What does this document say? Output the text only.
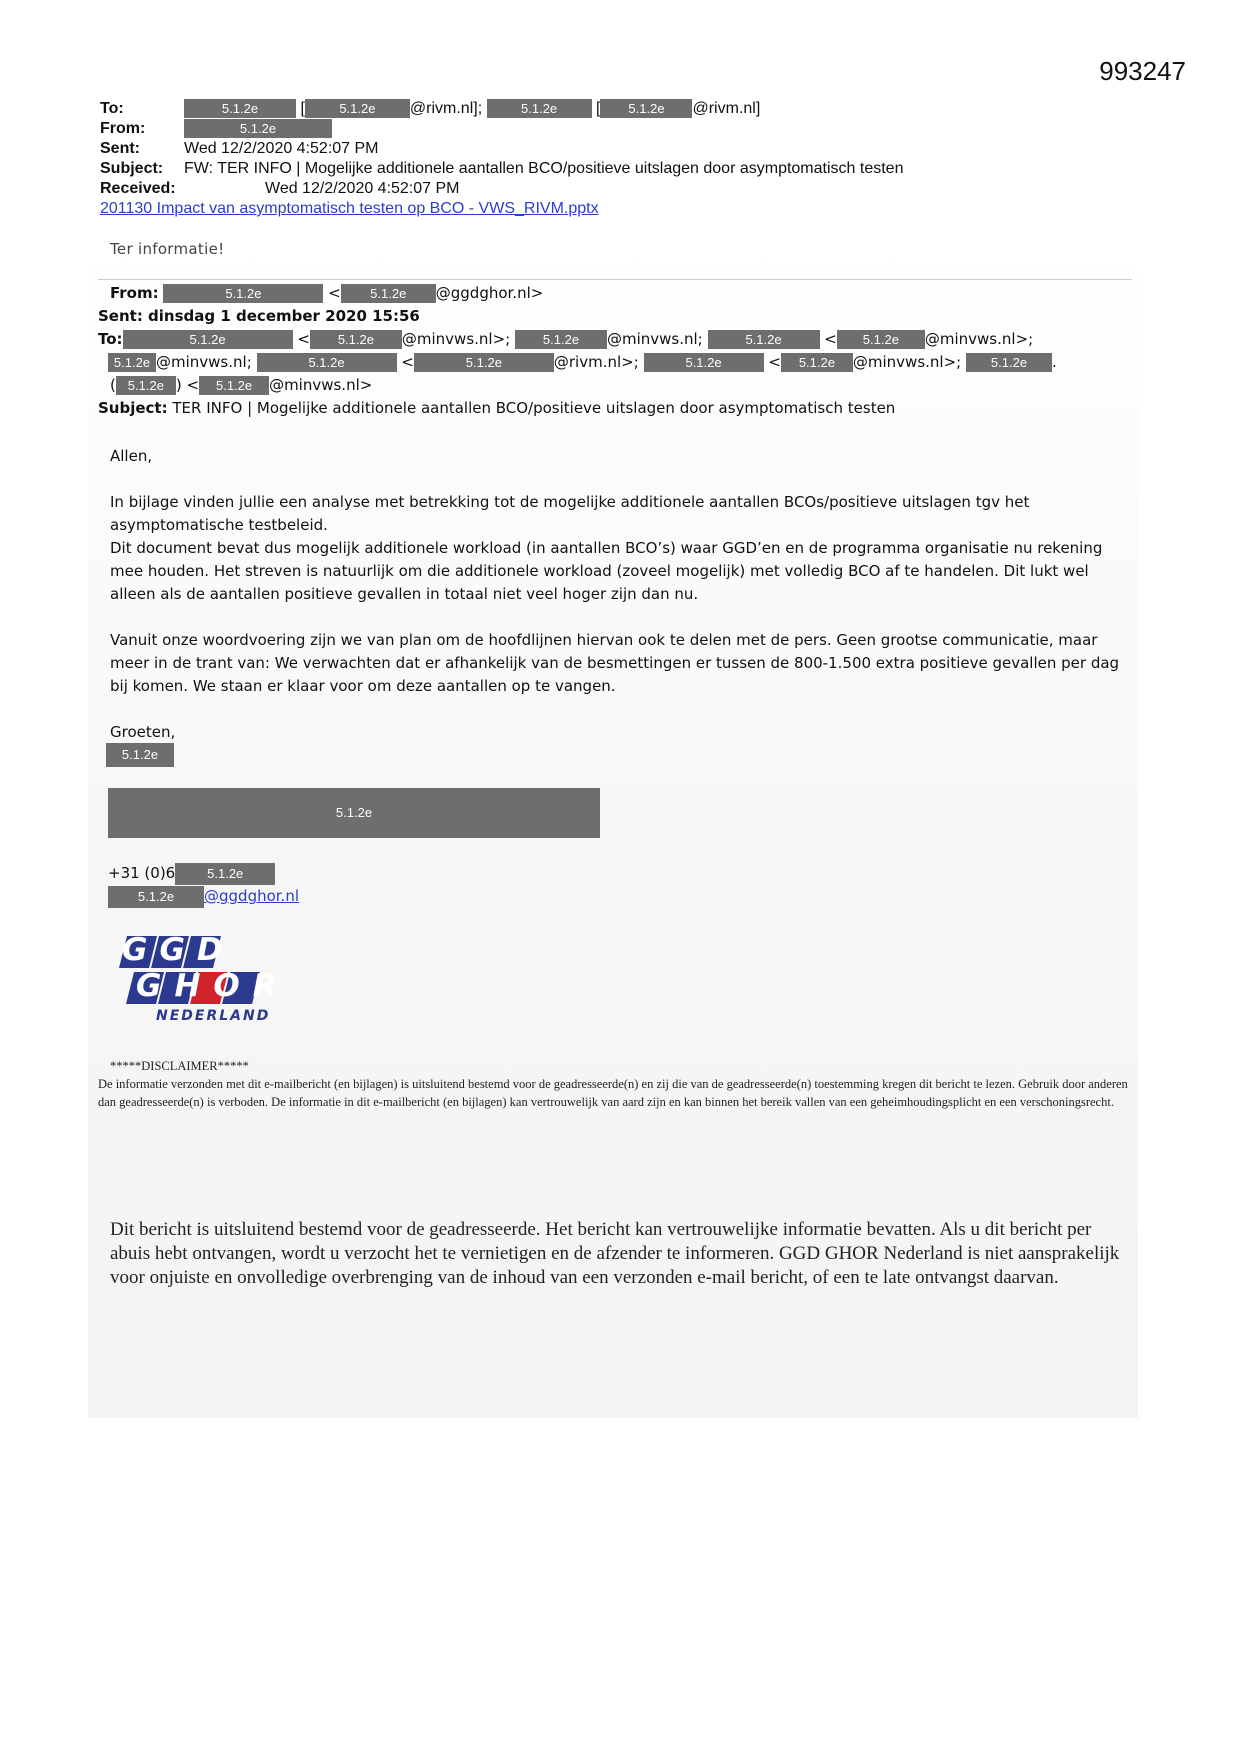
993247
To:	5.1.2e [	5.1.2e @rivm.nl];	5.1.2e [ 5.1.2e @rivm.nl]
From:	5.1.2e
Sent:	Wed 12/2/2020 4:52:07 PM
Subject: FW: TER INFO | Mogelijke additionele aantallen BCO/positieve uitslagen door asymptomatisch testen
Received:	Wed 12/2/2020 4:52:07 PM
201130 Impact van asymptomatisch testen op BCO - VWS_RIVM.pptx
Ter informatie!
From:	5.1.2e	< 5.1.2e @ggdghor.nl>
Sent: dinsdag 1 december 2020 15:56
To:	5.1.2e	< 5.1.2e @minvws.nl>;	5.1.2e @minvws.nl;	5.1.2e	< 5.1.2e @minvws.nl>;
5.1.2e @minvws.nl;	5.1.2e	<	5.1.2e	@rivm.nl>;	5.1.2e	< 5.1.2e @minvws.nl>; 5.1.2e .
( 5.1.2e ) < 5.1.2e @minvws.nl>
Subject: TER INFO | Mogelijke additionele aantallen BCO/positieve uitslagen door asymptomatisch testen
Allen,

In bijlage vinden jullie een analyse met betrekking tot de mogelijke additionele aantallen BCOs/positieve uitslagen tgv het asymptomatische testbeleid.

Dit document bevat dus mogelijk additionele workload (in aantallen BCO’s) waar GGD’en en de programma organisatie nu rekening mee houden. Het streven is natuurlijk om die additionele workload (zoveel mogelijk) met volledig BCO af te handelen. Dit lukt wel alleen als de aantallen positieve gevallen in totaal niet veel hoger zijn dan nu.

Vanuit onze woordvoering zijn we van plan om de hoofdlijnen hiervan ook te delen met de pers. Geen grootse communicatie, maar meer in de trant van: We verwachten dat er afhankelijk van de besmettingen er tussen de 800-1.500 extra positieve gevallen per dag bij komen. We staan er klaar voor om deze aantallen op te vangen.
Groeten,
5.1.2e
5.1.2e
+31 (0)6 5.1.2e
5.1.2e @ggdghor.nl
GGD
GHOR
NEDERLAND
*****DISCLAIMER*****
De informatie verzonden met dit e-mailbericht (en bijlagen) is uitsluitend bestemd voor de geadresseerde(n) en zij die van de geadresseerde(n) toestemming kregen dit bericht te lezen. Gebruik door anderen dan geadresseerde(n) is verboden. De informatie in dit e-mailbericht (en bijlagen) kan vertrouwelijk van aard zijn en kan binnen het bereik vallen van een geheimhoudingsplicht en een verschoningsrecht.
Dit bericht is uitsluitend bestemd voor de geadresseerde. Het bericht kan vertrouwelijke informatie bevatten. Als u dit bericht per abuis hebt ontvangen, wordt u verzocht het te vernietigen en de afzender te informeren. GGD GHOR Nederland is niet aansprakelijk voor onjuiste en onvolledige overbrenging van de inhoud van een verzonden e-mail bericht, of een te late ontvangst daarvan.
